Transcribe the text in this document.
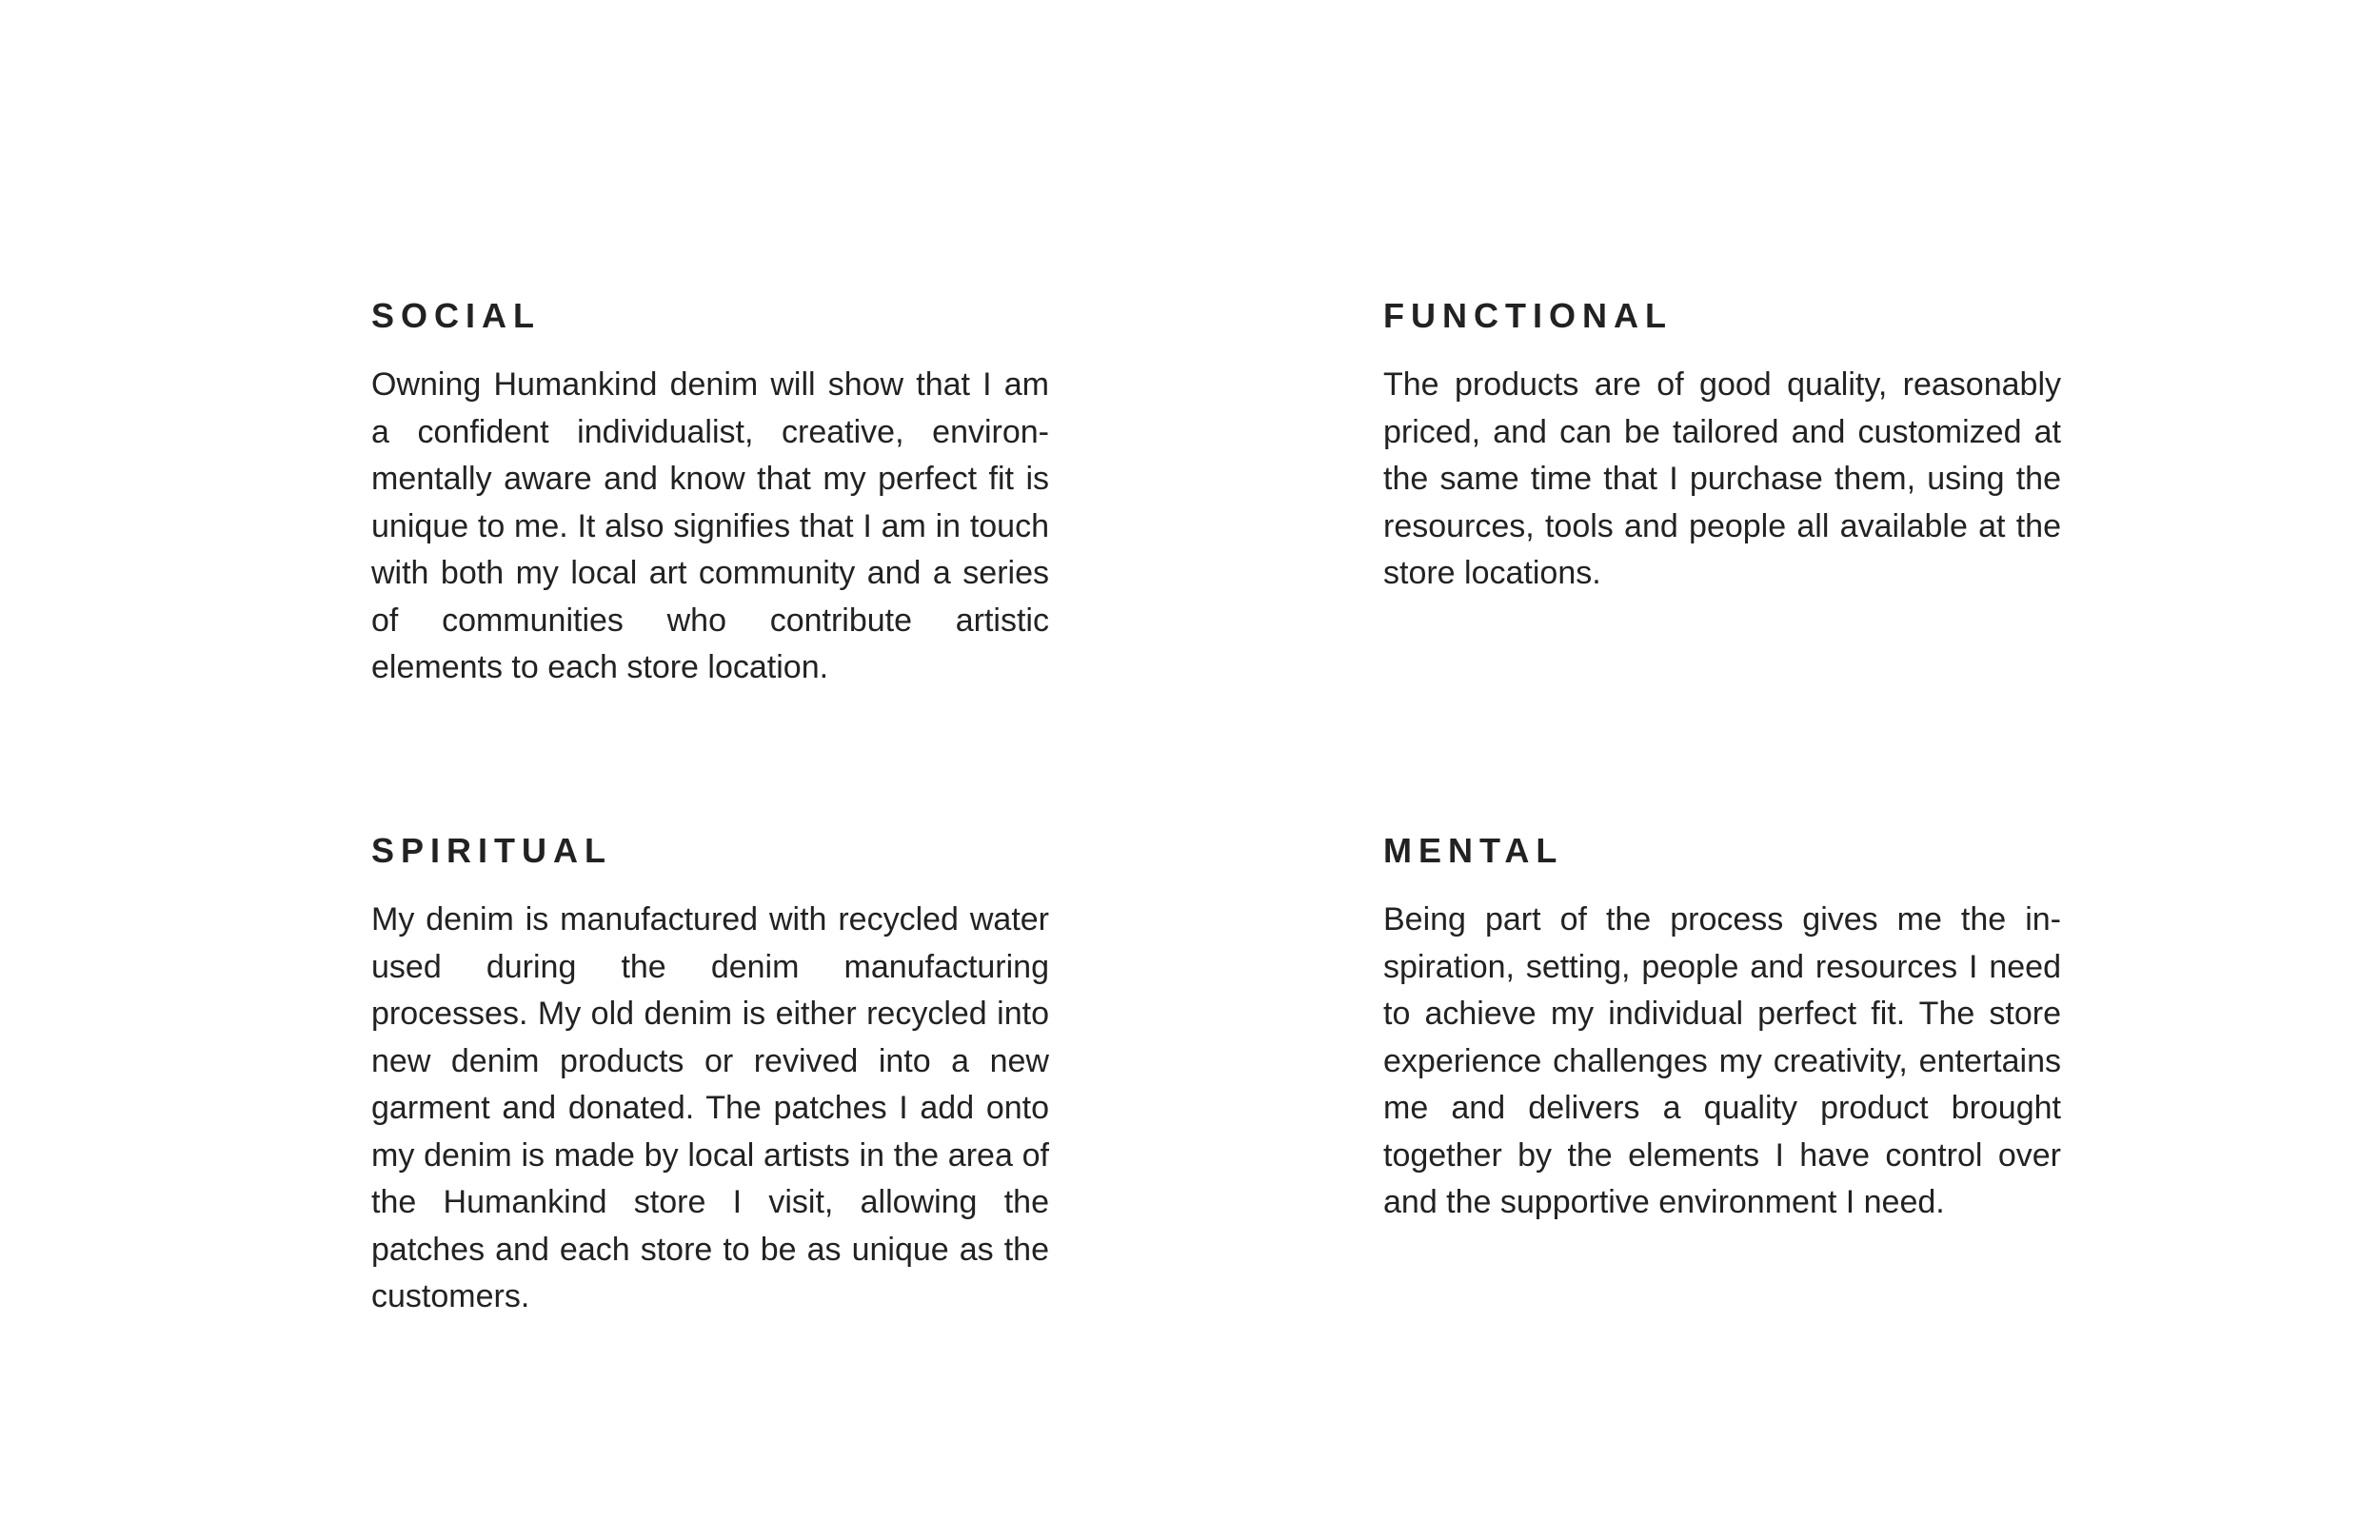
SOCIAL

Owning Humankind denim will show that I am a confident individualist, creative, environmentally aware and know that my perfect fit is unique to me. It also signifies that I am in touch with both my local art community and a series of communities who contribute artistic elements to each store location.

FUNCTIONAL

The products are of good quality, reasonably priced, and can be tailored and customized at the same time that I purchase them, using the resources, tools and people all available at the store locations.

SPIRITUAL

My denim is manufactured with recycled water used during the denim manufacturing processes. My old denim is either recycled into new denim products or revived into a new garment and donated. The patches I add onto my denim is made by local artists in the area of the Humankind store I visit, allowing the patches and each store to be as unique as the customers.

MENTAL

Being part of the process gives me the inspiration, setting, people and resources I need to achieve my individual perfect fit. The store experience challenges my creativity, entertains me and delivers a quality product brought together by the elements I have control over and the supportive environment I need.
